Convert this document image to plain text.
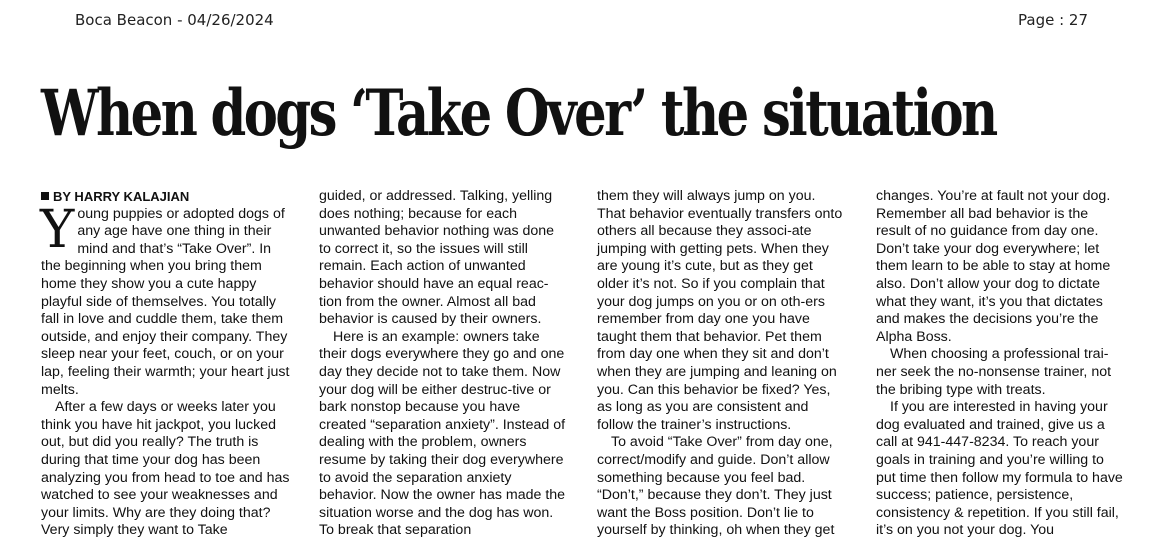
Boca Beacon - 04/26/2024	Page : 27
When dogs ‘Take Over’ the situation
BY HARRY KALAJIAN

Young puppies or adopted dogs of any age have one thing in their mind and that’s “Take Over”. In the beginning when you bring them home they show you a cute happy playful side of themselves. You totally fall in love and cuddle them, take them outside, and enjoy their company. They sleep near your feet, couch, or on your lap, feeling their warmth; your heart just melts.

After a few days or weeks later you think you have hit jackpot, you lucked out, but did you really? The truth is during that time your dog has been analyzing you from head to toe and has watched to see your weaknesses and your limits. Why are they doing that? Very simply they want to Take

guided, or addressed. Talking, yelling does nothing; because for each unwanted behavior nothing was done to correct it, so the issues will still remain. Each action of unwanted behavior should have an equal reac-tion from the owner. Almost all bad behavior is caused by their owners.

Here is an example: owners take their dogs everywhere they go and one day they decide not to take them. Now your dog will be either destruc-tive or bark nonstop because you have created “separation anxiety”. Instead of dealing with the problem, owners resume by taking their dog everywhere to avoid the separation anxiety behavior. Now the owner has made the situation worse and the dog has won. To break that separation

them they will always jump on you. That behavior eventually transfers onto others all because they associ-ate jumping with getting pets. When they are young it’s cute, but as they get older it’s not. So if you complain that your dog jumps on you or on oth-ers remember from day one you have taught them that behavior. Pet them from day one when they sit and don’t when they are jumping and leaning on you. Can this behavior be fixed? Yes, as long as you are consistent and follow the trainer’s instructions.

To avoid “Take Over” from day one, correct/modify and guide. Don’t allow something because you feel bad. “Don’t,” because they don’t. They just want the Boss position. Don’t lie to yourself by thinking, oh when they get

changes. You’re at fault not your dog. Remember all bad behavior is the result of no guidance from day one. Don’t take your dog everywhere; let them learn to be able to stay at home also. Don’t allow your dog to dictate what they want, it’s you that dictates and makes the decisions you’re the Alpha Boss.

When choosing a professional trai-ner seek the no-nonsense trainer, not the bribing type with treats.

If you are interested in having your dog evaluated and trained, give us a call at 941-447-8234. To reach your goals in training and you’re willing to put time then follow my formula to have success; patience, persistence, consistency & repetition. If you still fail, it’s on you not your dog. You
